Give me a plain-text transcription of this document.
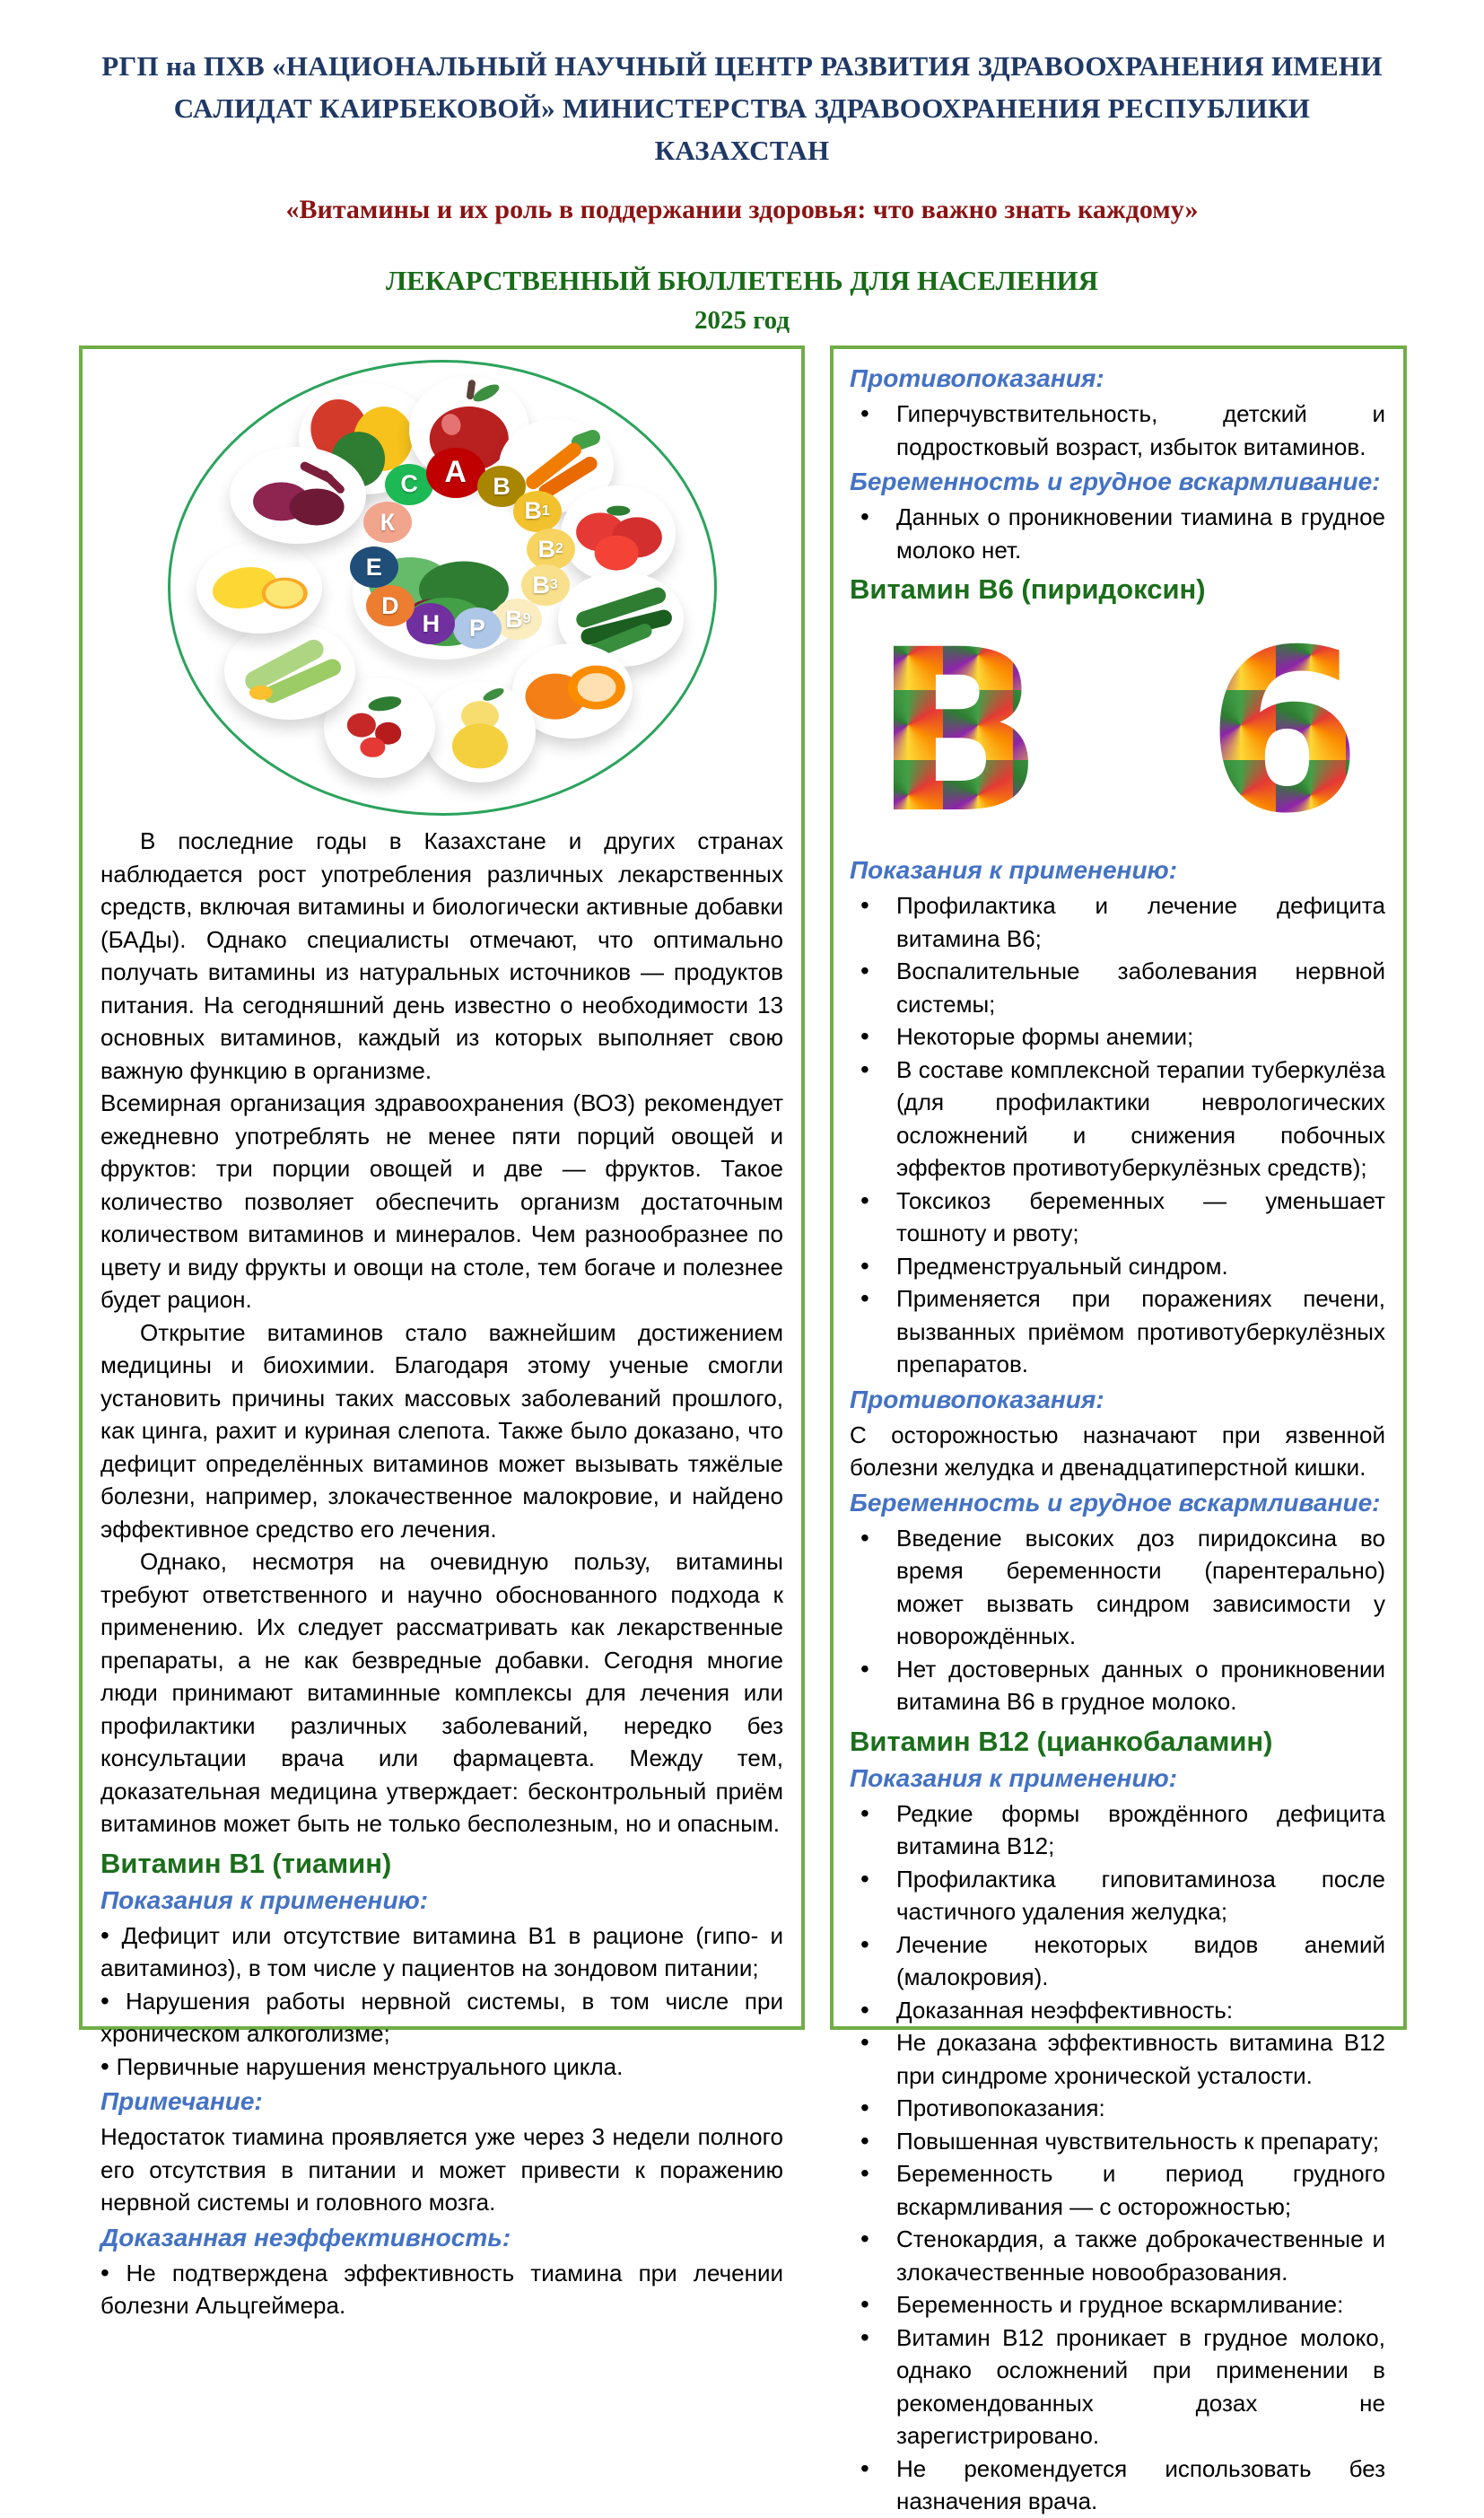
РГП на ПХВ «НАЦИОНАЛЬНЫЙ НАУЧНЫЙ ЦЕНТР РАЗВИТИЯ ЗДРАВООХРАНЕНИЯ ИМЕНИ САЛИДАТ КАИРБЕКОВОЙ» МИНИСТЕРСТВА ЗДРАВООХРАНЕНИЯ РЕСПУБЛИКИ КАЗАХСТАН
«Витамины и их роль в поддержании здоровья: что важно знать каждому»
ЛЕКАРСТВЕННЫЙ БЮЛЛЕТЕНЬ ДЛЯ НАСЕЛЕНИЯ
2025 год
C A	B
B 1
B 2
B 3
B 9
P
H
D
E
К

В последние годы в Казахстане и других странах наблюдается рост употребления различных лекарственных средств, включая витамины и биологически активные добавки (БАДы). Однако специалисты отмечают, что оптимально получать витамины из натуральных источников — продуктов питания. На сегодняшний день известно о необходимости 13 основных витаминов, каждый из которых выполняет свою важную функцию в организме.

Всемирная организация здравоохранения (ВОЗ) рекомендует ежедневно употреблять не менее пяти порций овощей и фруктов: три порции овощей и две — фруктов. Такое количество позволяет обеспечить организм достаточным количеством витаминов и минералов. Чем разнообразнее по цвету и виду фрукты и овощи на столе, тем богаче и полезнее будет рацион.

Открытие витаминов стало важнейшим достижением медицины и биохимии. Благодаря этому ученые смогли установить причины таких массовых заболеваний прошлого, как цинга, рахит и куриная слепота. Также было доказано, что дефицит определённых витаминов может вызывать тяжёлые болезни, например, злокачественное малокровие, и найдено эффективное средство его лечения.

Однако, несмотря на очевидную пользу, витамины требуют ответственного и научно обоснованного подхода к применению. Их следует рассматривать как лекарственные препараты, а не как безвредные добавки. Сегодня многие люди принимают витаминные комплексы для лечения или профилактики различных заболеваний, нередко без консультации врача или фармацевта. Между тем, доказательная медицина утверждает: бесконтрольный приём витаминов может быть не только бесполезным, но и опасным.

Витамин В1 (тиамин)
Показания к применению:
• Дефицит или отсутствие витамина В1 в рационе (гипо- и авитаминоз), в том числе у пациентов на зондовом питании;
• Нарушения работы нервной системы, в том числе при хроническом алкоголизме;
• Первичные нарушения менструального цикла.
Примечание:

Недостаток тиамина проявляется уже через 3 недели полного его отсутствия в питании и может привести к поражению нервной системы и головного мозга.

Доказанная неэффективность:
• Не подтверждена эффективность тиамина при лечении болезни Альцгеймера.
Противопоказания:
• Гиперчувствительность, детский и подростковый возраст, избыток витаминов.
Беременность и грудное вскармливание:
• Данных о проникновении тиамина в грудное молоко нет.
Витамин В6 (пиридоксин)
B 6
Показания к применению:
• Профилактика и лечение дефицита витамина В6;
• Воспалительные заболевания нервной системы;
• Некоторые формы анемии;
• В составе комплексной терапии туберкулёза (для профилактики неврологических осложнений и снижения побочных эффектов противотуберкулёзных средств);
• Токсикоз беременных — уменьшает тошноту и рвоту;
• Предменструальный синдром.
• Применяется при поражениях печени, вызванных приёмом противотуберкулёзных препаратов.
Противопоказания:

С осторожностью назначают при язвенной болезни желудка и двенадцатиперстной кишки.

Беременность и грудное вскармливание:
• Введение высоких доз пиридоксина во время беременности (парентерально) может вызвать синдром зависимости у новорождённых.
• Нет достоверных данных о проникновении витамина В6 в грудное молоко.
Витамин В12 (цианкобаламин)
Показания к применению:
• Редкие формы врождённого дефицита витамина В12;
• Профилактика гиповитаминоза после частичного удаления желудка;
• Лечение некоторых видов анемий (малокровия).
• Доказанная неэффективность:
• Не доказана эффективность витамина В12 при синдроме хронической усталости.
• Противопоказания:
• Повышенная чувствительность к препарату;
• Беременность и период грудного вскармливания — с осторожностью;
• Стенокардия, а также доброкачественные и злокачественные новообразования.
• Беременность и грудное вскармливание:
• Витамин В12 проникает в грудное молоко, однако осложнений при применении в рекомендованных дозах не зарегистрировано.
• Не рекомендуется использовать без назначения врача.
